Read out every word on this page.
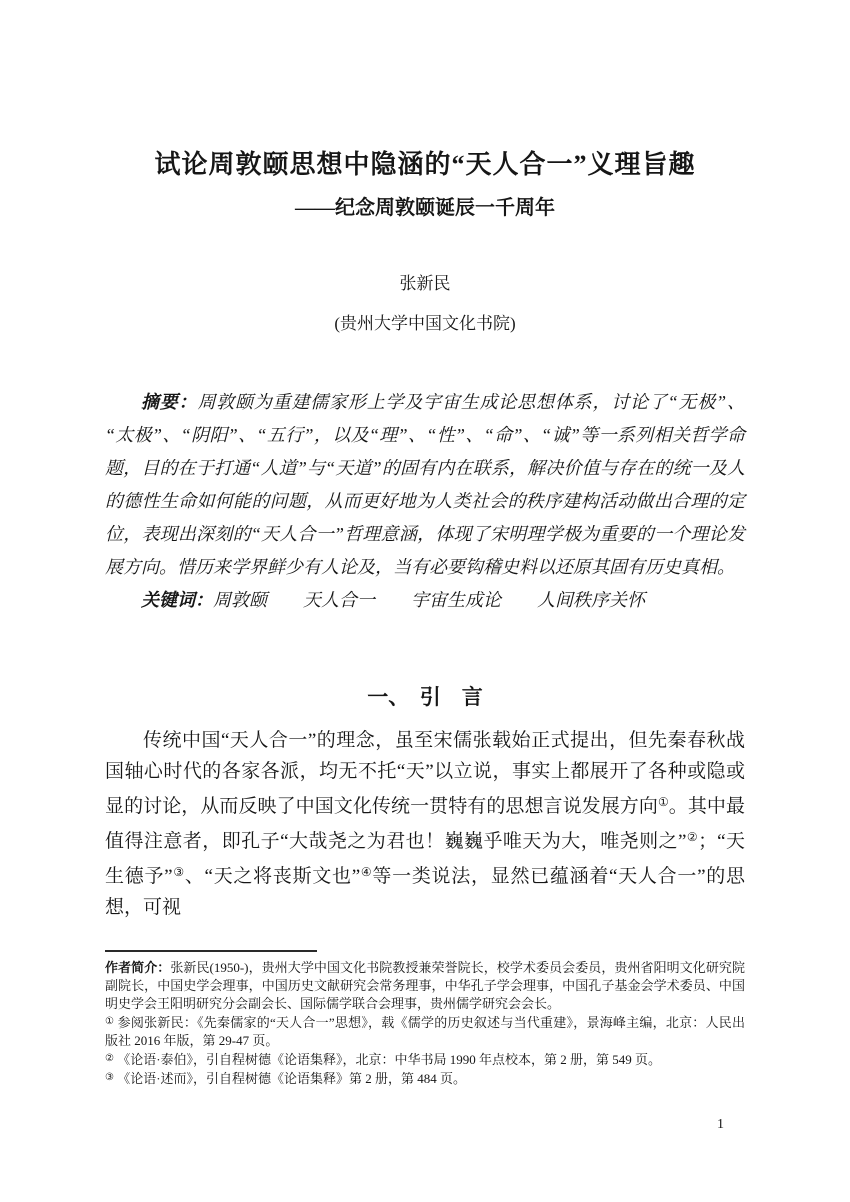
试论周敦颐思想中隐涵的“天人合一”义理旨趣
——纪念周敦颐诞辰一千周年
张新民
(贵州大学中国文化书院)

摘要：周敦颐为重建儒家形上学及宇宙生成论思想体系，讨论了“无极”、“太极”、“阴阳”、“五行”，以及“理”、“性”、“命”、“诚”等一系列相关哲学命题，目的在于打通“人道”与“天道”的固有内在联系，解决价值与存在的统一及人的德性生命如何能的问题，从而更好地为人类社会的秩序建构活动做出合理的定位，表现出深刻的“天人合一”哲理意涵，体现了宋明理学极为重要的一个理论发展方向。惜历来学界鲜少有人论及，当有必要钩稽史料以还原其固有历史真相。

关键词：周敦颐　　天人合一　　宇宙生成论　　人间秩序关怀

一、　引　言

传统中国“天人合一”的理念，虽至宋儒张载始正式提出，但先秦春秋战国轴心时代的各家各派，均无不托“天”以立说，事实上都展开了各种或隐或显的讨论，从而反映了中国文化传统一贯特有的思想言说发展方向①。其中最值得注意者，即孔子“大哉尧之为君也！巍巍乎唯天为大，唯尧则之”②；“天生德予”③、“天之将丧斯文也”④等一类说法，显然已蕴涵着“天人合一”的思想，可视

作者简介：张新民(1950-)，贵州大学中国文化书院教授兼荣誉院长，校学术委员会委员，贵州省阳明文化研究院副院长，中国史学会理事，中国历史文献研究会常务理事，中华孔子学会理事，中国孔子基金会学术委员、中国明史学会王阳明研究分会副会长、国际儒学联合会理事，贵州儒学研究会会长。

① 参阅张新民：《先秦儒家的“天人合一”思想》，载《儒学的历史叙述与当代重建》，景海峰主编，北京：人民出版社 2016 年版，第 29-47 页。

② 《论语·泰伯》，引自程树德《论语集释》，北京：中华书局 1990 年点校本，第 2 册，第 549 页。

③ 《论语·述而》，引自程树德《论语集释》第 2 册，第 484 页。

1
